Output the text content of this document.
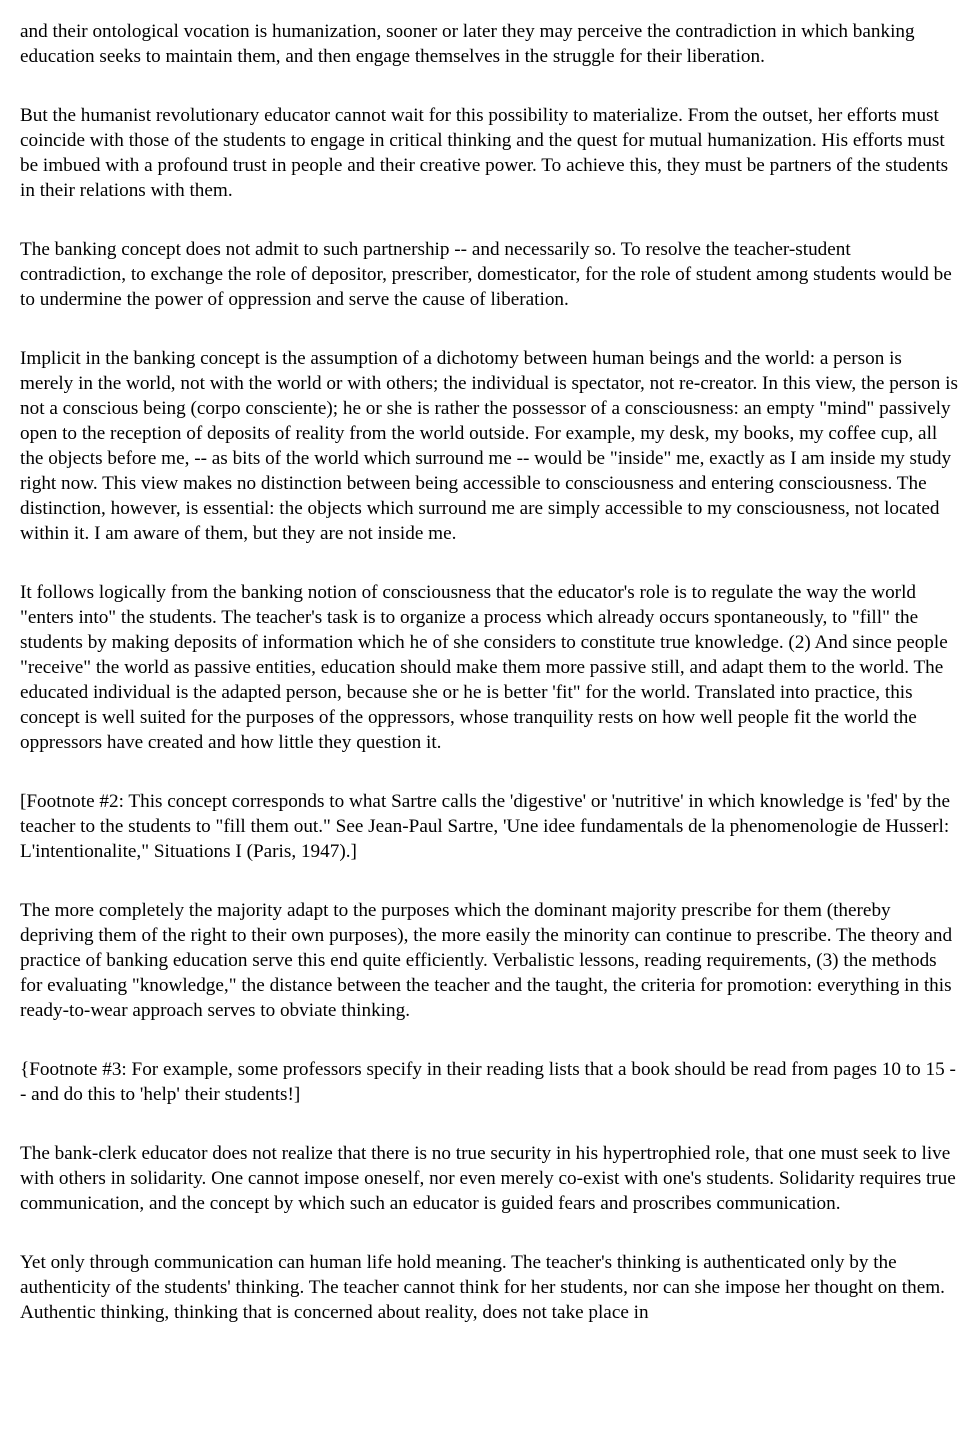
and their ontological vocation is humanization, sooner or later they may perceive the contradiction in which banking education seeks to maintain them, and then engage themselves in the struggle for their liberation.

But the humanist revolutionary educator cannot wait for this possibility to materialize. From the outset, her efforts must coincide with those of the students to engage in critical thinking and the quest for mutual humanization. His efforts must be imbued with a profound trust in people and their creative power. To achieve this, they must be partners of the students in their relations with them.

The banking concept does not admit to such partnership -- and necessarily so. To resolve the teacher-student contradiction, to exchange the role of depositor, prescriber, domesticator, for the role of student among students would be to undermine the power of oppression and serve the cause of liberation.

Implicit in the banking concept is the assumption of a dichotomy between human beings and the world: a person is merely in the world, not with the world or with others; the individual is spectator, not re-creator. In this view, the person is not a conscious being (corpo consciente); he or she is rather the possessor of a consciousness: an empty "mind" passively open to the reception of deposits of reality from the world outside. For example, my desk, my books, my coffee cup, all the objects before me, -- as bits of the world which surround me -- would be "inside" me, exactly as I am inside my study right now. This view makes no distinction between being accessible to consciousness and entering consciousness. The distinction, however, is essential: the objects which surround me are simply accessible to my consciousness, not located within it. I am aware of them, but they are not inside me.

It follows logically from the banking notion of consciousness that the educator's role is to regulate the way the world "enters into" the students. The teacher's task is to organize a process which already occurs spontaneously, to "fill" the students by making deposits of information which he of she considers to constitute true knowledge. (2) And since people "receive" the world as passive entities, education should make them more passive still, and adapt them to the world. The educated individual is the adapted person, because she or he is better 'fit" for the world. Translated into practice, this concept is well suited for the purposes of the oppressors, whose tranquility rests on how well people fit the world the oppressors have created and how little they question it.

[Footnote #2: This concept corresponds to what Sartre calls the 'digestive' or 'nutritive' in which knowledge is 'fed' by the teacher to the students to "fill them out." See Jean-Paul Sartre, 'Une idee fundamentals de la phenomenologie de Husserl: L'intentionalite," Situations I (Paris, 1947).]

The more completely the majority adapt to the purposes which the dominant majority prescribe for them (thereby depriving them of the right to their own purposes), the more easily the minority can continue to prescribe. The theory and practice of banking education serve this end quite efficiently. Verbalistic lessons, reading requirements, (3) the methods for evaluating "knowledge," the distance between the teacher and the taught, the criteria for promotion: everything in this ready-to-wear approach serves to obviate thinking.

{Footnote #3: For example, some professors specify in their reading lists that a book should be read from pages 10 to 15 -- and do this to 'help' their students!]

The bank-clerk educator does not realize that there is no true security in his hypertrophied role, that one must seek to live with others in solidarity. One cannot impose oneself, nor even merely co-exist with one's students. Solidarity requires true communication, and the concept by which such an educator is guided fears and proscribes communication.

Yet only through communication can human life hold meaning. The teacher's thinking is authenticated only by the authenticity of the students' thinking. The teacher cannot think for her students, nor can she impose her thought on them. Authentic thinking, thinking that is concerned about reality, does not take place in
